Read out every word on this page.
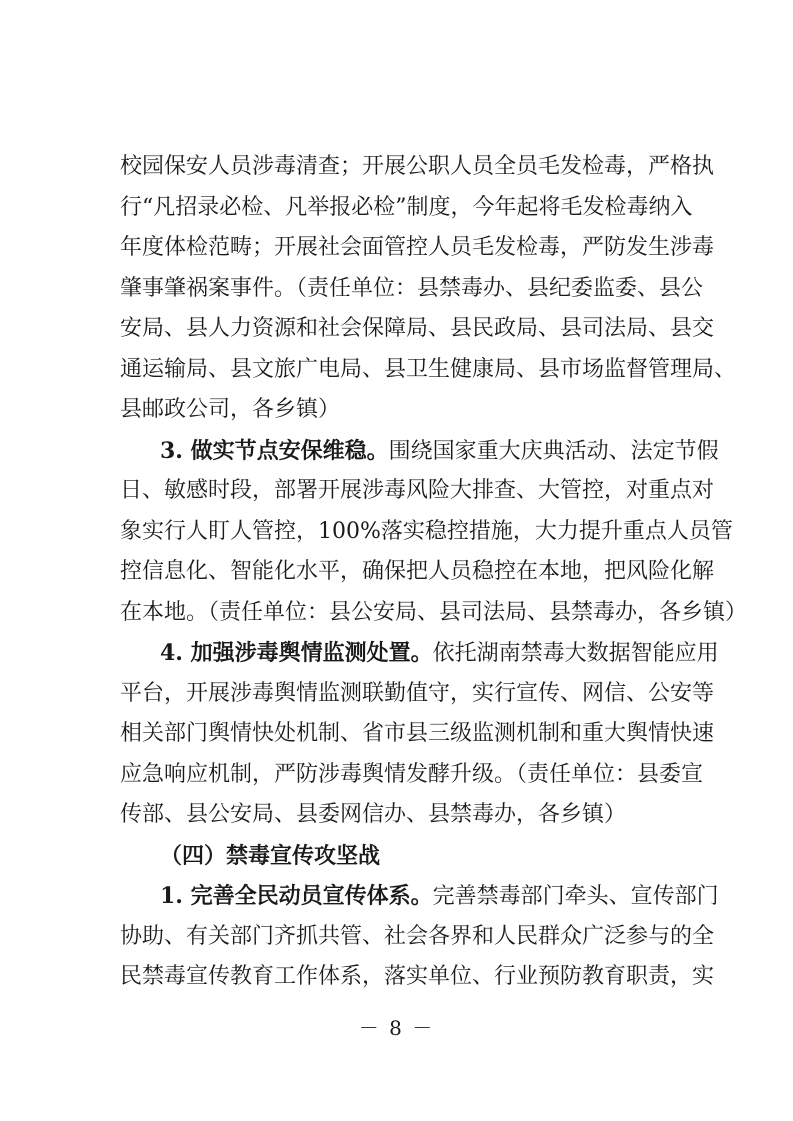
校园保安人员涉毒清查；开展公职人员全员毛发检毒，严格执
行“凡招录必检、凡举报必检”制度，今年起将毛发检毒纳入
年度体检范畴；开展社会面管控人员毛发检毒，严防发生涉毒
肇事肇祸案事件。（责任单位：县禁毒办、县纪委监委、县公
安局、县人力资源和社会保障局、县民政局、县司法局、县交
通运输局、县文旅广电局、县卫生健康局、县市场监督管理局、
县邮政公司，各乡镇）
3. 做实节点安保维稳。围绕国家重大庆典活动、法定节假
日、敏感时段，部署开展涉毒风险大排查、大管控，对重点对
象实行人盯人管控，100%落实稳控措施，大力提升重点人员管
控信息化、智能化水平，确保把人员稳控在本地，把风险化解
在本地。（责任单位：县公安局、县司法局、县禁毒办，各乡镇）
4. 加强涉毒舆情监测处置。依托湖南禁毒大数据智能应用
平台，开展涉毒舆情监测联勤值守，实行宣传、网信、公安等
相关部门舆情快处机制、省市县三级监测机制和重大舆情快速
应急响应机制，严防涉毒舆情发酵升级。（责任单位：县委宣
传部、县公安局、县委网信办、县禁毒办，各乡镇）
（四）禁毒宣传攻坚战
1. 完善全民动员宣传体系。完善禁毒部门牵头、宣传部门
－ 8 －
协助、有关部门齐抓共管、社会各界和人民群众广泛参与的全
民禁毒宣传教育工作体系，落实单位、行业预防教育职责，实
